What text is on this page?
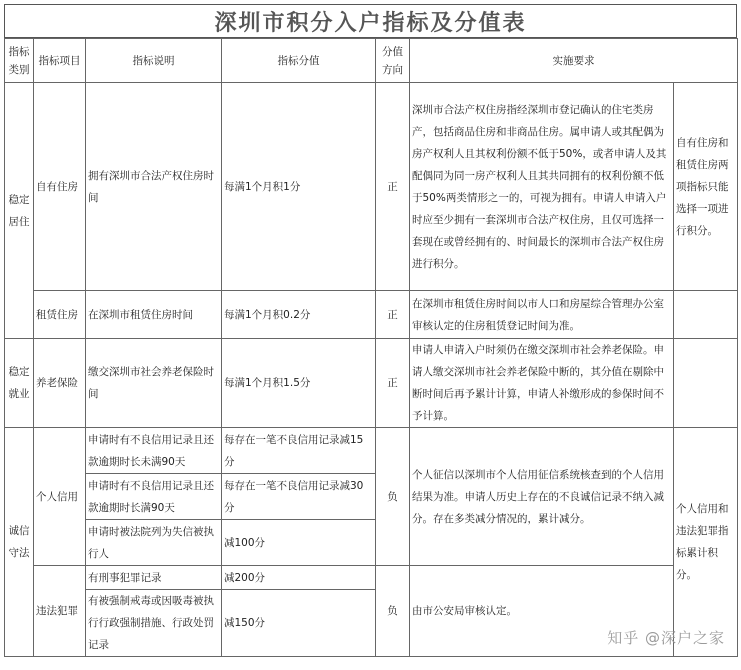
深圳市积分入户指标及分值表
指标类别	指标项目	指标说明	指标分值	分值方向	实施要求	
稳定居住	自有住房	拥有深圳市合法产权住房时间	每满1个月积1分	正	深圳市合法产权住房指经深圳市登记确认的住宅类房产，包括商品住房和非商品住房。属申请人或其配偶为房产权利人且其权利份额不低于50%，或者申请人及其配偶同为同一房产权利人且其共同拥有的权利份额不低于50%两类情形之一的，可视为拥有。申请人申请入户时应至少拥有一套深圳市合法产权住房，且仅可选择一套现在或曾经拥有的、时间最长的深圳市合法产权住房进行积分。	自有住房和租赁住房两项指标只能选择一项进行积分。
	租赁住房	在深圳市租赁住房时间	每满1个月积0.2分	正	在深圳市租赁住房时间以市人口和房屋综合管理办公室审核认定的住房租赁登记时间为准。	
稳定就业	养老保险	缴交深圳市社会养老保险时间	每满1个月积1.5分	正	申请人申请入户时须仍在缴交深圳市社会养老保险。申请人缴交深圳市社会养老保险中断的，其分值在剔除中断时间后再予累计计算，申请人补缴形成的参保时间不予计算。	
诚信守法	个人信用	申请时有不良信用记录且还款逾期时长未满90天	每存在一笔不良信用记录减15分	负	个人征信以深圳市个人信用征信系统核查到的个人信用结果为准。申请人历史上存在的不良诚信记录不纳入减分。存在多类减分情况的，累计减分。	个人信用和违法犯罪指标累计积分。
		申请时有不良信用记录且还款逾期时长满90天	每存在一笔不良信用记录减30分			
		申请时被法院列为失信被执行人	减100分			
	违法犯罪	有刑事犯罪记录	减200分	负	由市公安局审核认定。	
		有被强制戒毒或因吸毒被执行行政强制措施、行政处罚记录	减150分			
知乎 @深户之家
